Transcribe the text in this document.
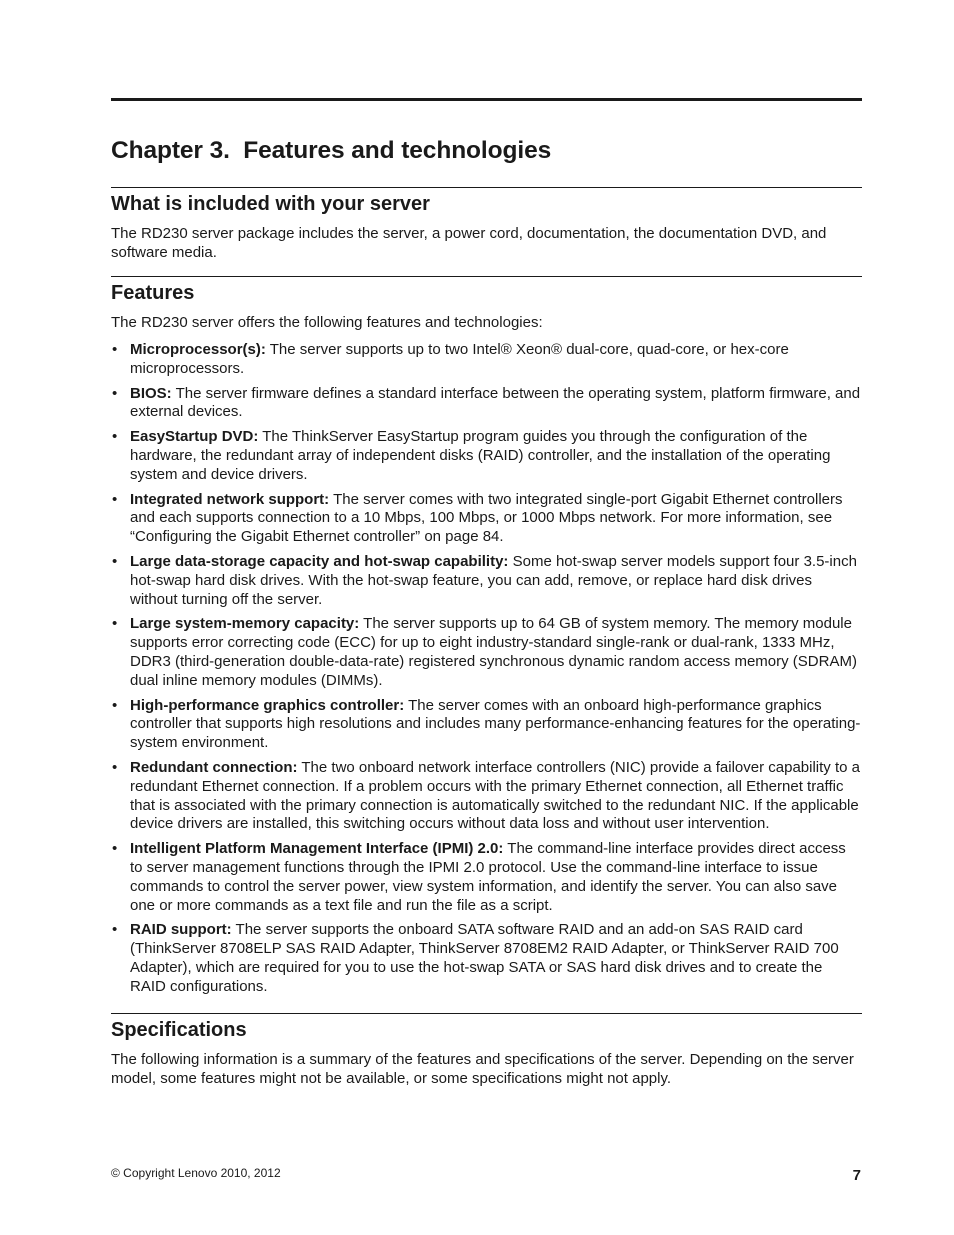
Chapter 3.  Features and technologies
What is included with your server

The RD230 server package includes the server, a power cord, documentation, the documentation DVD, and software media.

Features

The RD230 server offers the following features and technologies:

• Microprocessor(s): The server supports up to two Intel® Xeon® dual-core, quad-core, or hex-core microprocessors.
• BIOS: The server firmware defines a standard interface between the operating system, platform firmware, and external devices.
• EasyStartup DVD: The ThinkServer EasyStartup program guides you through the configuration of the hardware, the redundant array of independent disks (RAID) controller, and the installation of the operating system and device drivers.
• Integrated network support: The server comes with two integrated single-port Gigabit Ethernet controllers and each supports connection to a 10 Mbps, 100 Mbps, or 1000 Mbps network. For more information, see “Configuring the Gigabit Ethernet controller” on page 84.
• Large data-storage capacity and hot-swap capability: Some hot-swap server models support four 3.5-inch hot-swap hard disk drives. With the hot-swap feature, you can add, remove, or replace hard disk drives without turning off the server.
• Large system-memory capacity: The server supports up to 64 GB of system memory. The memory module supports error correcting code (ECC) for up to eight industry-standard single-rank or dual-rank, 1333 MHz, DDR3 (third-generation double-data-rate) registered synchronous dynamic random access memory (SDRAM) dual inline memory modules (DIMMs).
• High-performance graphics controller: The server comes with an onboard high-performance graphics controller that supports high resolutions and includes many performance-enhancing features for the operating-system environment.
• Redundant connection: The two onboard network interface controllers (NIC) provide a failover capability to a redundant Ethernet connection. If a problem occurs with the primary Ethernet connection, all Ethernet traffic that is associated with the primary connection is automatically switched to the redundant NIC. If the applicable device drivers are installed, this switching occurs without data loss and without user intervention.
• Intelligent Platform Management Interface (IPMI) 2.0: The command-line interface provides direct access to server management functions through the IPMI 2.0 protocol. Use the command-line interface to issue commands to control the server power, view system information, and identify the server. You can also save one or more commands as a text file and run the file as a script.
• RAID support: The server supports the onboard SATA software RAID and an add-on SAS RAID card (ThinkServer 8708ELP SAS RAID Adapter, ThinkServer 8708EM2 RAID Adapter, or ThinkServer RAID 700 Adapter), which are required for you to use the hot-swap SATA or SAS hard disk drives and to create the RAID configurations.
Specifications

The following information is a summary of the features and specifications of the server. Depending on the server model, some features might not be available, or some specifications might not apply.

© Copyright Lenovo 2010, 2012	7
